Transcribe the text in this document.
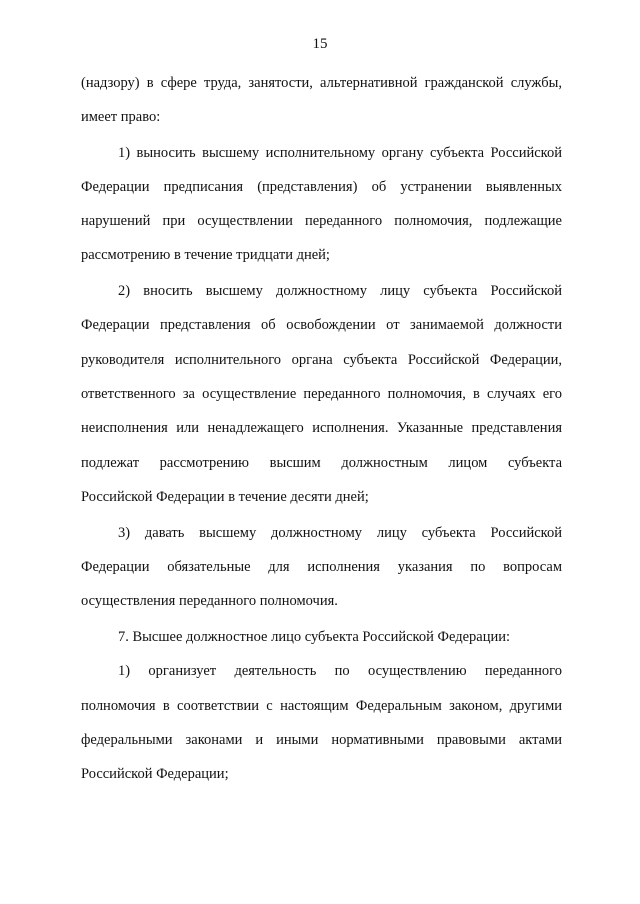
15
(надзору) в сфере труда, занятости, альтернативной гражданской службы,
имеет право:
1) выносить высшему исполнительному органу субъекта Российской
Федерации предписания (представления) об устранении выявленных
нарушений при осуществлении переданного полномочия, подлежащие
рассмотрению в течение тридцати дней;
2) вносить высшему должностному лицу субъекта Российской
Федерации представления об освобождении от занимаемой должности
руководителя исполнительного органа субъекта Российской Федерации,
ответственного за осуществление переданного полномочия, в случаях его
неисполнения или ненадлежащего исполнения. Указанные представления
подлежат рассмотрению высшим должностным лицом субъекта
Российской Федерации в течение десяти дней;
3) давать высшему должностному лицу субъекта Российской
Федерации обязательные для исполнения указания по вопросам
осуществления переданного полномочия.
7. Высшее должностное лицо субъекта Российской Федерации:
1) организует деятельность по осуществлению переданного
полномочия в соответствии с настоящим Федеральным законом, другими
федеральными законами и иными нормативными правовыми актами
Российской Федерации;
